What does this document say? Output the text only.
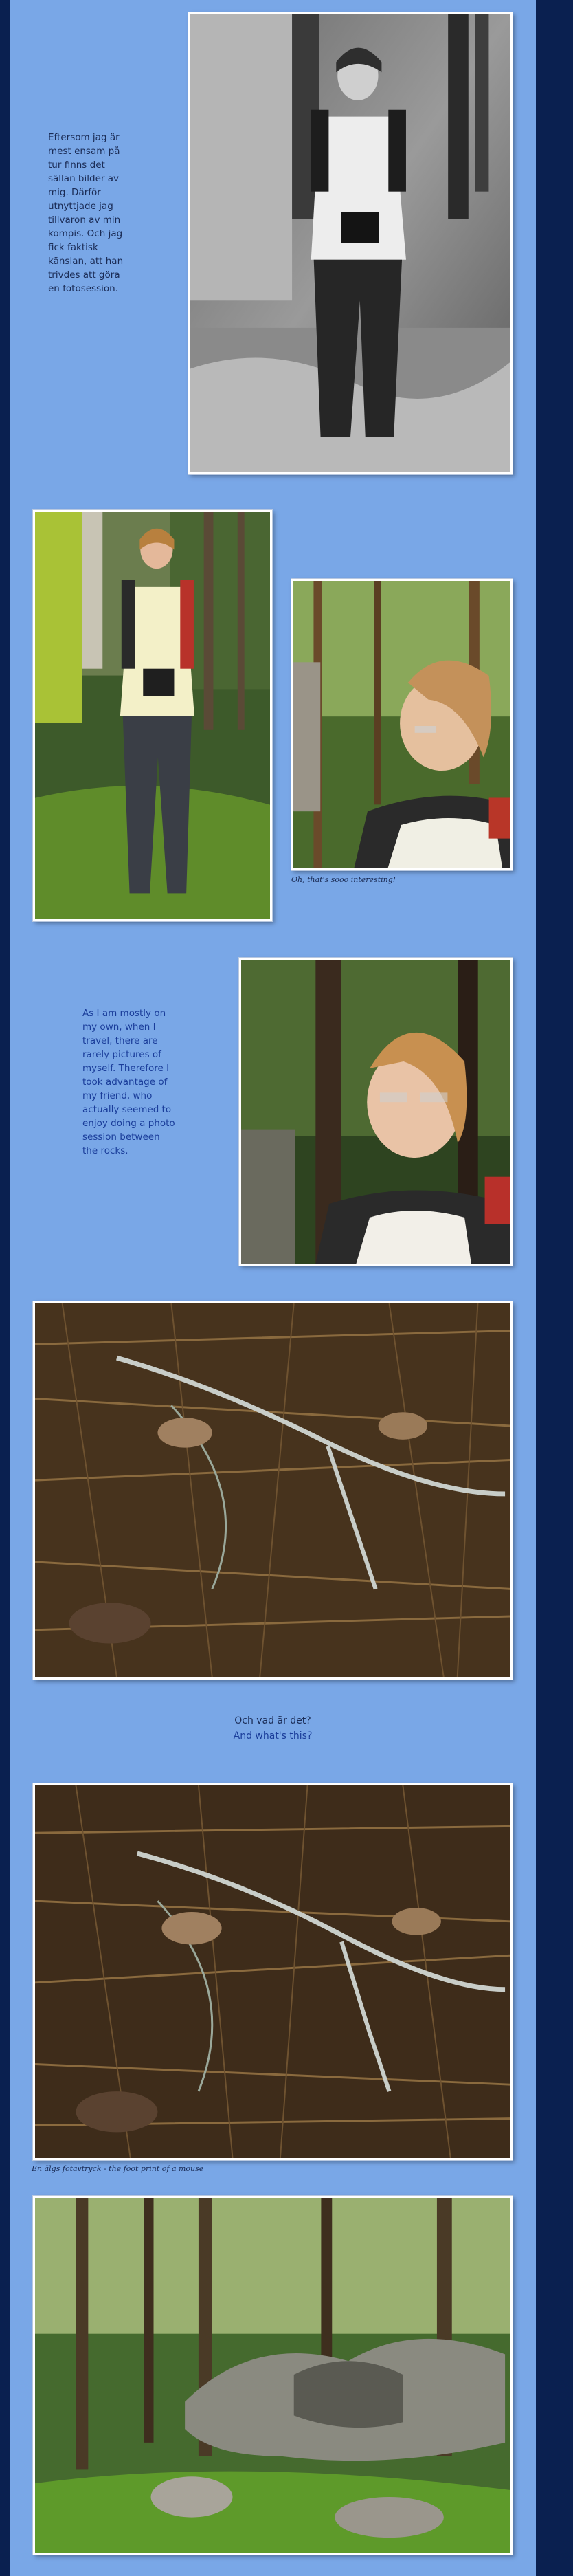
Eftersom jag är mest ensam på tur finns det sällan bilder av mig. Därför utnyttjade jag tillvaron av min kompis. Och jag fick faktisk känslan, att han trivdes att göra en fotosession.
Oh, that's sooo interesting!
As I am mostly on my own, when I travel, there are rarely pictures of myself. Therefore I took advantage of my friend, who actually seemed to enjoy doing a photo session between the rocks.
Och vad är det?
And what's this?
En älgs fotavtryck - the foot print of a mouse
